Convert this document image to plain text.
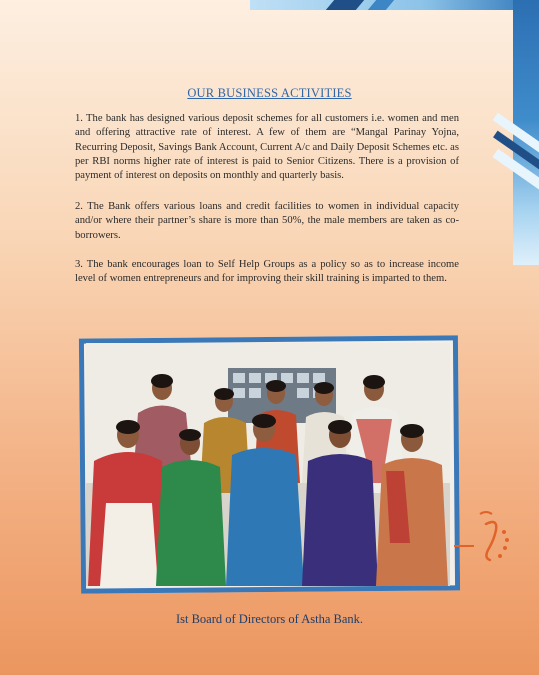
OUR BUSINESS ACTIVITIES

1. The bank has designed various deposit schemes for all customers i.e. women and men and offering attractive rate of interest. A few of them are “Mangal Parinay Yojna, Recurring Deposit, Savings Bank Account, Current A/c and Daily Deposit Schemes etc. as per RBI norms higher rate of interest is paid to Senior Citizens. There is a provision of payment of interest on deposits on monthly and quarterly basis.

2. The Bank offers various loans and credit facilities to women in individual capacity and/or where their partner’s share is more than 50%, the male members are taken as co-borrowers.

3. The bank encourages loan to Self Help Groups as a policy so as to increase income level of women entrepreneurs and for improving their skill training is imparted to them.

Ist Board of Directors of Astha Bank.
